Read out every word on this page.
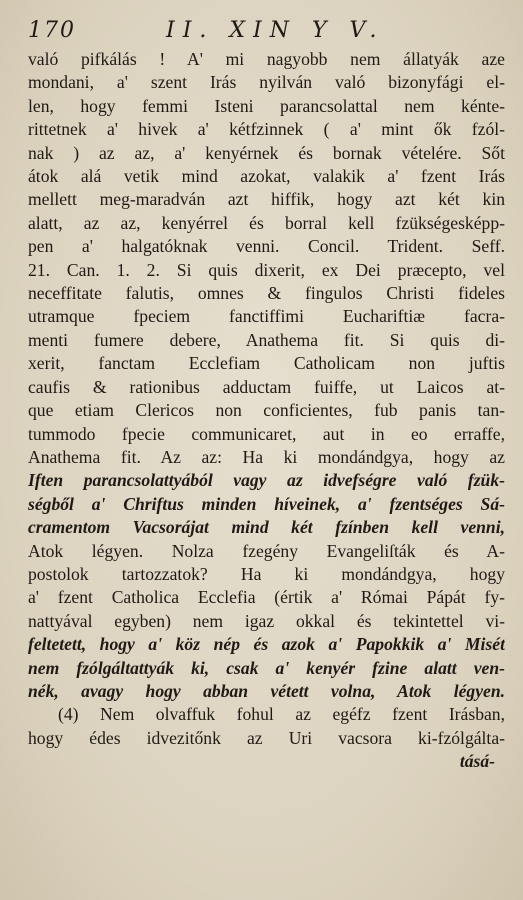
170	II. XIN Y V.
való pifkálás ! A' mi nagyobb nem állatyák aze
mondani, a' szent Irás nyilván való bizonyfági el-
len, hogy femmi Isteni parancsolattal nem kénte-
rittetnek a' hivek a' kétfzinnek ( a' mint ők fzól-
nak ) az az, a' kenyérnek és bornak vételére. Sőt
átok alá vetik mind azokat, valakik a' fzent Irás
mellett meg-maradván azt hiffik, hogy azt két kin
alatt, az az, kenyérrel és borral kell fzükségesképp-
pen a' halgatóknak venni. Concil. Trident. Seff.
21. Can. 1. 2. Si quis dixerit, ex Dei præcepto, vel
neceffitate falutis, omnes & fingulos Christi fideles
utramque fpeciem fanctiffimi Euchariftiæ facra-
menti fumere debere, Anathema fit. Si quis di-
xerit, fanctam Ecclefiam Catholicam non juftis
caufis & rationibus adductam fuiffe, ut Laicos at-
que etiam Clericos non conficientes, fub panis tan-
tummodo fpecie communicaret, aut in eo erraffe,
Anathema fit. Az az: Ha ki mondándgya, hogy az
Iften parancsolattyából vagy az idvefségre való fzük-
ségből a' Chriftus minden híveinek, a' fzentséges Sá-
cramentom Vacsorájat mind két fzínben kell venni,
Atok légyen. Nolza fzegény Evangeliſták és A-
postolok tartozzatok? Ha ki mondándgya, hogy
a' fzent Catholica Ecclefia (értik a' Római Pápát fy-
nattyával egyben) nem igaz okkal és tekintettel vi-
feltetett, hogy a' köz nép és azok a' Papokkik a' Misét
nem fzólgáltattyák ki, csak a' kenyér fzine alatt ven-
nék, avagy hogy abban vétett volna, Atok légyen.
(4) Nem olvaffuk fohul az egéfz fzent Irásban,
hogy édes idvezitőnk az Uri vacsora ki-fzólgálta-
tásá-
